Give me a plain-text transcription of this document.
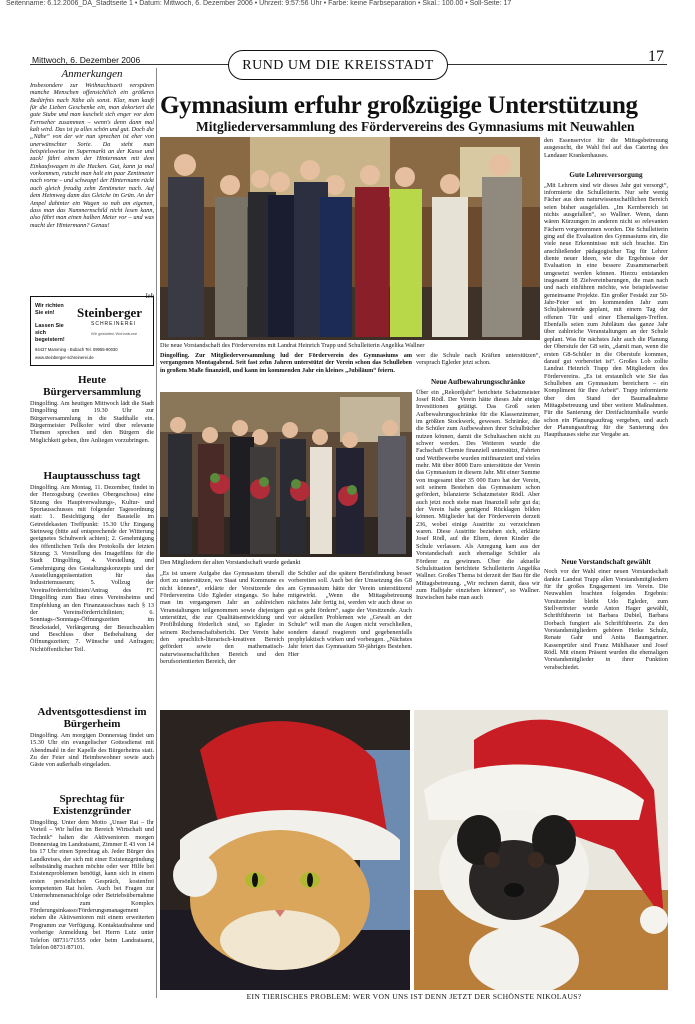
Seitenname: 6.12.2006_DA_Stadtseite 1 • Datum: Mittwoch, 6. Dezember 2006 • Uhrzeit: 9:57:56 Uhr • Farbe: keine Farbseparation • Skal.: 100.00 • Soll-Seite: 17
Mittwoch, 6. Dezember 2006	RUND UM DIE KREISSTADT
17
Anmerkungen
Insbesondere zur Weihnachtszeit verspüren manche Menschen offensichtlich ein größeres Bedürfnis nach Nähe als sonst. Klar, man kauft für die Lieben Geschenke ein, man dekoriert die gute Stube und man kuschelt sich enger vor dem Fernseher zusammen – wenn's denn dann mal kalt wird. Das ist ja alles schön und gut. Doch die „Nähe“ von der wir nun sprechen ist eher von unerwünschter Sorte. Da steht man beispielsweise im Supermarkt an der Kasse und zack! fährt einem der Hintermann mit dem Einkaufswagen in die Hacken. Gut, kann ja mal vorkommen, rutscht man halt ein paar Zentimeter nach vorne – und schwupp! der Hintermann rückt auch gleich freudig zehn Zentimeter nach. Auf dem Heimweg dann das Gleiche im Grün. An der Ampel dahinter ein Wagen so nah am eigenen, dass man das Nummernschild nicht lesen kann, also fährt man einen halben Meter vor – und was macht der Hintermann? Genau!
leh
Wir richten
Sie ein!
Lassen Sie
sich begeistern!
Steinberger
SCHREINEREI
Wir gestalten Wohnräume
94437 Mamming - Bubach Tel. 09955-90030
www.steinberger-schreinerei.de
Heute Bürgerversammlung
Dingolfing. Am heutigen Mittwoch lädt die Stadt Dingolfing um 19.30 Uhr zur Bürgerversammlung in die Stadthalle ein. Bürgermeister Pellkofer wird über relevante Themen sprechen und den Bürgern die Möglichkeit geben, ihre Anliegen vorzubringen.
Hauptausschuss tagt
Dingolfing. Am Montag, 11. Dezember, findet in der Herzogsburg (zweites Obergeschoss) eine Sitzung des Hauptverwaltungs-, Kultur- und Sportausschusses mit folgender Tagesordnung statt: 1. Besichtigung der Baustelle im Getreidekasten Treffpunkt: 15.30 Uhr Eingang Steinweg (bitte auf entsprechende der Witterung geeignetes Schuhwerk achten); 2. Genehmigung des öffentlichen Teils des Protokolls der letzten Sitzung; 3. Vorstellung des Imagefilms für die Stadt Dingolfing, 4. Vorstellung und Genehmigung des Gestaltungskonzepts und der Ausstellungspräsentation für das Industriemuseum; 5. Vollzug der Vereinsförderrichtlinien/Antrag des FC Dingolfing zum Bau eines Vereinsheims und Empfehlung an den Finanzausschuss nach § 13 der Vereinsförderrichtlinien; 6. Sonntags-/Sonntags-Öffnungszeiten im Bruckstadel, Verlängerung der Besuchszahlen und Beschluss über Beibehaltung der Öffnungszeiten; 7. Wünsche und Anfragen; Nichtöffentlicher Teil.
Adventsgottesdienst im Bürgerheim
Dingolfing. Am morgigen Donnerstag findet um 15.30 Uhr ein evangelischer Gottesdienst mit Abendmahl in der Kapelle des Bürgerheims statt. Zu der Feier sind Heimbewohner sowie auch Gäste von außerhalb eingeladen.
Sprechtag für Existenzgründer
Dingolfing. Unter dem Motto „Unser Rat – Ihr Vorteil – Wir helfen im Bereich Wirtschaft und Technik“ halten die Aktivsenioren morgen Donnerstag im Landratsamt, Zimmer E 43 von 14 bis 17 Uhr einen Sprechtag ab. Jeder Bürger des Landkreises, der sich mit einer Existenzgründung selbstständig machen möchte oder wer Hilfe bei Existenzproblemen benötigt, kann sich in einem ersten persönlichen Gespräch, kostenfrei kompetenten Rat holen. Auch bei Fragen zur Unternehmensnachfolge oder Betriebsübernahme und zum Komplex Förderungsinkasso/Förderungsmanagement stehen die Aktivsenioren mit einem erweiterten Programm zur Verfügung. Kontaktaufnahme und vorherige Anmeldung bei Herrn Lutz unter Telefon 08731/71555 oder beim Landratsamt, Telefon 08731/87101.
Gymnasium erfuhr großzügige Unterstützung
Mitgliederversammlung des Fördervereins des Gymnasiums mit Neuwahlen
Die neue Vorstandschaft des Fördervereins mit Landrat Heinrich Trapp und Schulleiterin Angelika Wallner
Dingolfing. Zur Mitgliederversammlung lud der Förderverein des Gymnasiums am vergangenen Montagabend. Seit fast zehn Jahren unterstützt der Verein schon das Schulleben in großem Maße finanziell, und kann im kommenden Jahr ein kleines „Jubiläum“ feiern.
Den Mitgliedern der alten Vorstandschaft wurde gedankt
„Es ist unsere Aufgabe das Gymnasium überall dort zu unterstützen, wo Staat und Kommune es nicht können“, erklärte der Vorsitzende des Fördervereins Udo Egleder eingangs. So habe man im vergangenen Jahr an zahlreichen Veranstaltungen teilgenommen sowie diejenigen unterstützt, die zur Qualitätsentwicklung und Profilbildung förderlich sind, so Egleder in seinem Rechenschaftsbericht. Der Verein habe den sprachlich-literarisch-kreativen Bereich gefördert sowie den mathematisch-naturwissenschaftlichen Bereich und den berufsorientierten Bereich, der
die Schüler auf die spätere Berufsfindung besser vorbereiten soll. Auch bei der Umsetzung des G8 am Gymnasium hätte der Verein unterstützend mitgewirkt. „Wenn die Mittagsbetreuung nächstes Jahr fertig ist, werden wir auch diese so gut es geht fördern“, sagte der Vorsitzende. Auch vor aktuellen Problemen wie „Gewalt an der Schule“ will man die Augen nicht verschließen, sondern darauf reagieren und gegebenenfalls prophylaktisch wirken und vorbeugen. „Nächstes Jahr feiert das Gymnasium 50-jähriges Bestehen. Hier
wer die Schule nach Kräften unterstützen“, versprach Egleder jetzt schon.
Neue Aufbewahrungsschränke
Über ein „Rekordjahr“ berichtete Schatzmeister Josef Rödl. Der Verein hätte dieses Jahr einige Investitionen getätigt. Das Groß seien Aufbewahrungsschränke für die Klassenzimmer, im größten Stockwerk, gewesen. Schränke, die die Schüler zum Aufbewahren ihrer Schulbücher nutzen können, damit die Schultaschen nicht zu schwer werden. Des Weiteren wurde die Fachschaft Chemie finanziell unterstützt, Fahrten und Wettbewerbe wurden mitfinanziert und vieles mehr. Mit über 8000 Euro unterstützte der Verein das Gymnasium in diesem Jahr. Mit einer Summe von insgesamt über 35 000 Euro hat der Verein, seit seinem Bestehen das Gymnasium schon gefördert, bilanzierte Schatzmeister Rödl. Aber auch jetzt noch stehe man finanziell sehr gut da; der Verein habe genügend Rücklagen bilden können. Mitglieder hat der Förderverein derzeit 236, wobei einige Austritte zu verzeichnen waren. Diese Austritte beziehen sich, erklärte Josef Rödl, auf die Eltern, deren Kinder die Schule verlassen. Als Anregung kam aus der Vorstandschaft auch ehemalige Schüler als Förderer zu gewinnen. Über die aktuelle Schulsituation berichtete Schulleiterin Angelika Wallner. Großes Thema ist derzeit der Bau für die Mittagsbetreuung. „Wir rechnen damit, dass wir zum Halbjahr einziehen können“, so Wallner. Inzwischen habe man auch
den Essenservice für die Mittagsbetreuung ausgesucht, die Wahl fiel auf das Catering des Landauer Krankenhauses.
Gute Lehrerversorgung
„Mit Lehrern sind wir dieses Jahr gut versorgt“, informierte die Schulleiterin. Nur sehr wenig Fächer aus dem naturwissenschaftlichen Bereich seien bisher ausgefallen. „Im Kernbereich ist nichts ausgefallen“, so Wallner. Wenn, dann wären Kürzungen in anderen nicht so relevanten Fächern vorgenommen worden. Die Schulleiterin ging auf die Evaluation des Gymnasiums ein, die viele neue Erkenntnisse mit sich brachte. Ein anschließender pädagogischer Tag für Lehrer diente neuer Ideen, wie die Ergebnisse der Evaluation in eine bessere Zusammenarbeit umgesetzt werden können. Hierzu entstanden insgesamt 18 Zielvereinbarungen, die man nach und nach einführen möchte, wie beispielsweise gemeinsame Projekte. Ein großer Festakt zur 50-Jahr-Feier sei im kommenden Jahr zum Schuljahresende geplant, mit einem Tag der offenen Tür und einer Ehemaligen-Treffen. Ebenfalls seien zum Jubiläum das ganze Jahr über zahlreiche Veranstaltungen an der Schule geplant. Was für nächstes Jahr auch die Planung der Oberstufe der G8 sein, „damit man, wenn die ersten G8-Schüler in die Oberstufe kommen, darauf gut vorbereitet ist“. Großes Lob zollte Landrat Heinrich Trapp den Mitgliedern des Fördervereins. „Es ist erstaunlich wie Sie das Schulleben am Gymnasium bereichern – ein Kompliment für Ihre Arbeit“. Trapp informierte über den Stand der Baumaßnahme Mittagsbetreuung und über weitere Maßnahmen. Für die Sanierung der Dreifachturnhalle wurde schon ein Planungsauftrag vergeben, und auch der Planungsauftrag für die Sanierung des Haupthauses stehe zur Vergabe an.
Neue Vorstandschaft gewählt
Noch vor der Wahl einer neuen Vorstandschaft dankte Landrat Trapp allen Vorstandsmitgliedern für ihr großes Engagement im Verein. Die Neuwahlen brachten folgendes Ergebnis: Vorsitzender bleibt Udo Egleder, zum Stellvertreter wurde Anton Hager gewählt, Schriftführerin ist Barbara Dubiel, Barbara Dorbach fungiert als Schriftführerin. Zu den Vorstandsmitgliedern gehören Heike Schulz, Renate Gahr und Anita Baumgartner. Kassenprüfer sind Franz Mühlhauer und Josef Rödl. Mit einem Präsent wurden die ehemaligen Vorstandsmitglieder in ihrer Funktion verabschiedet.
EIN TIERISCHES PROBLEM: WER VON UNS IST DENN JETZT DER SCHÖNSTE NIKOLAUS?
